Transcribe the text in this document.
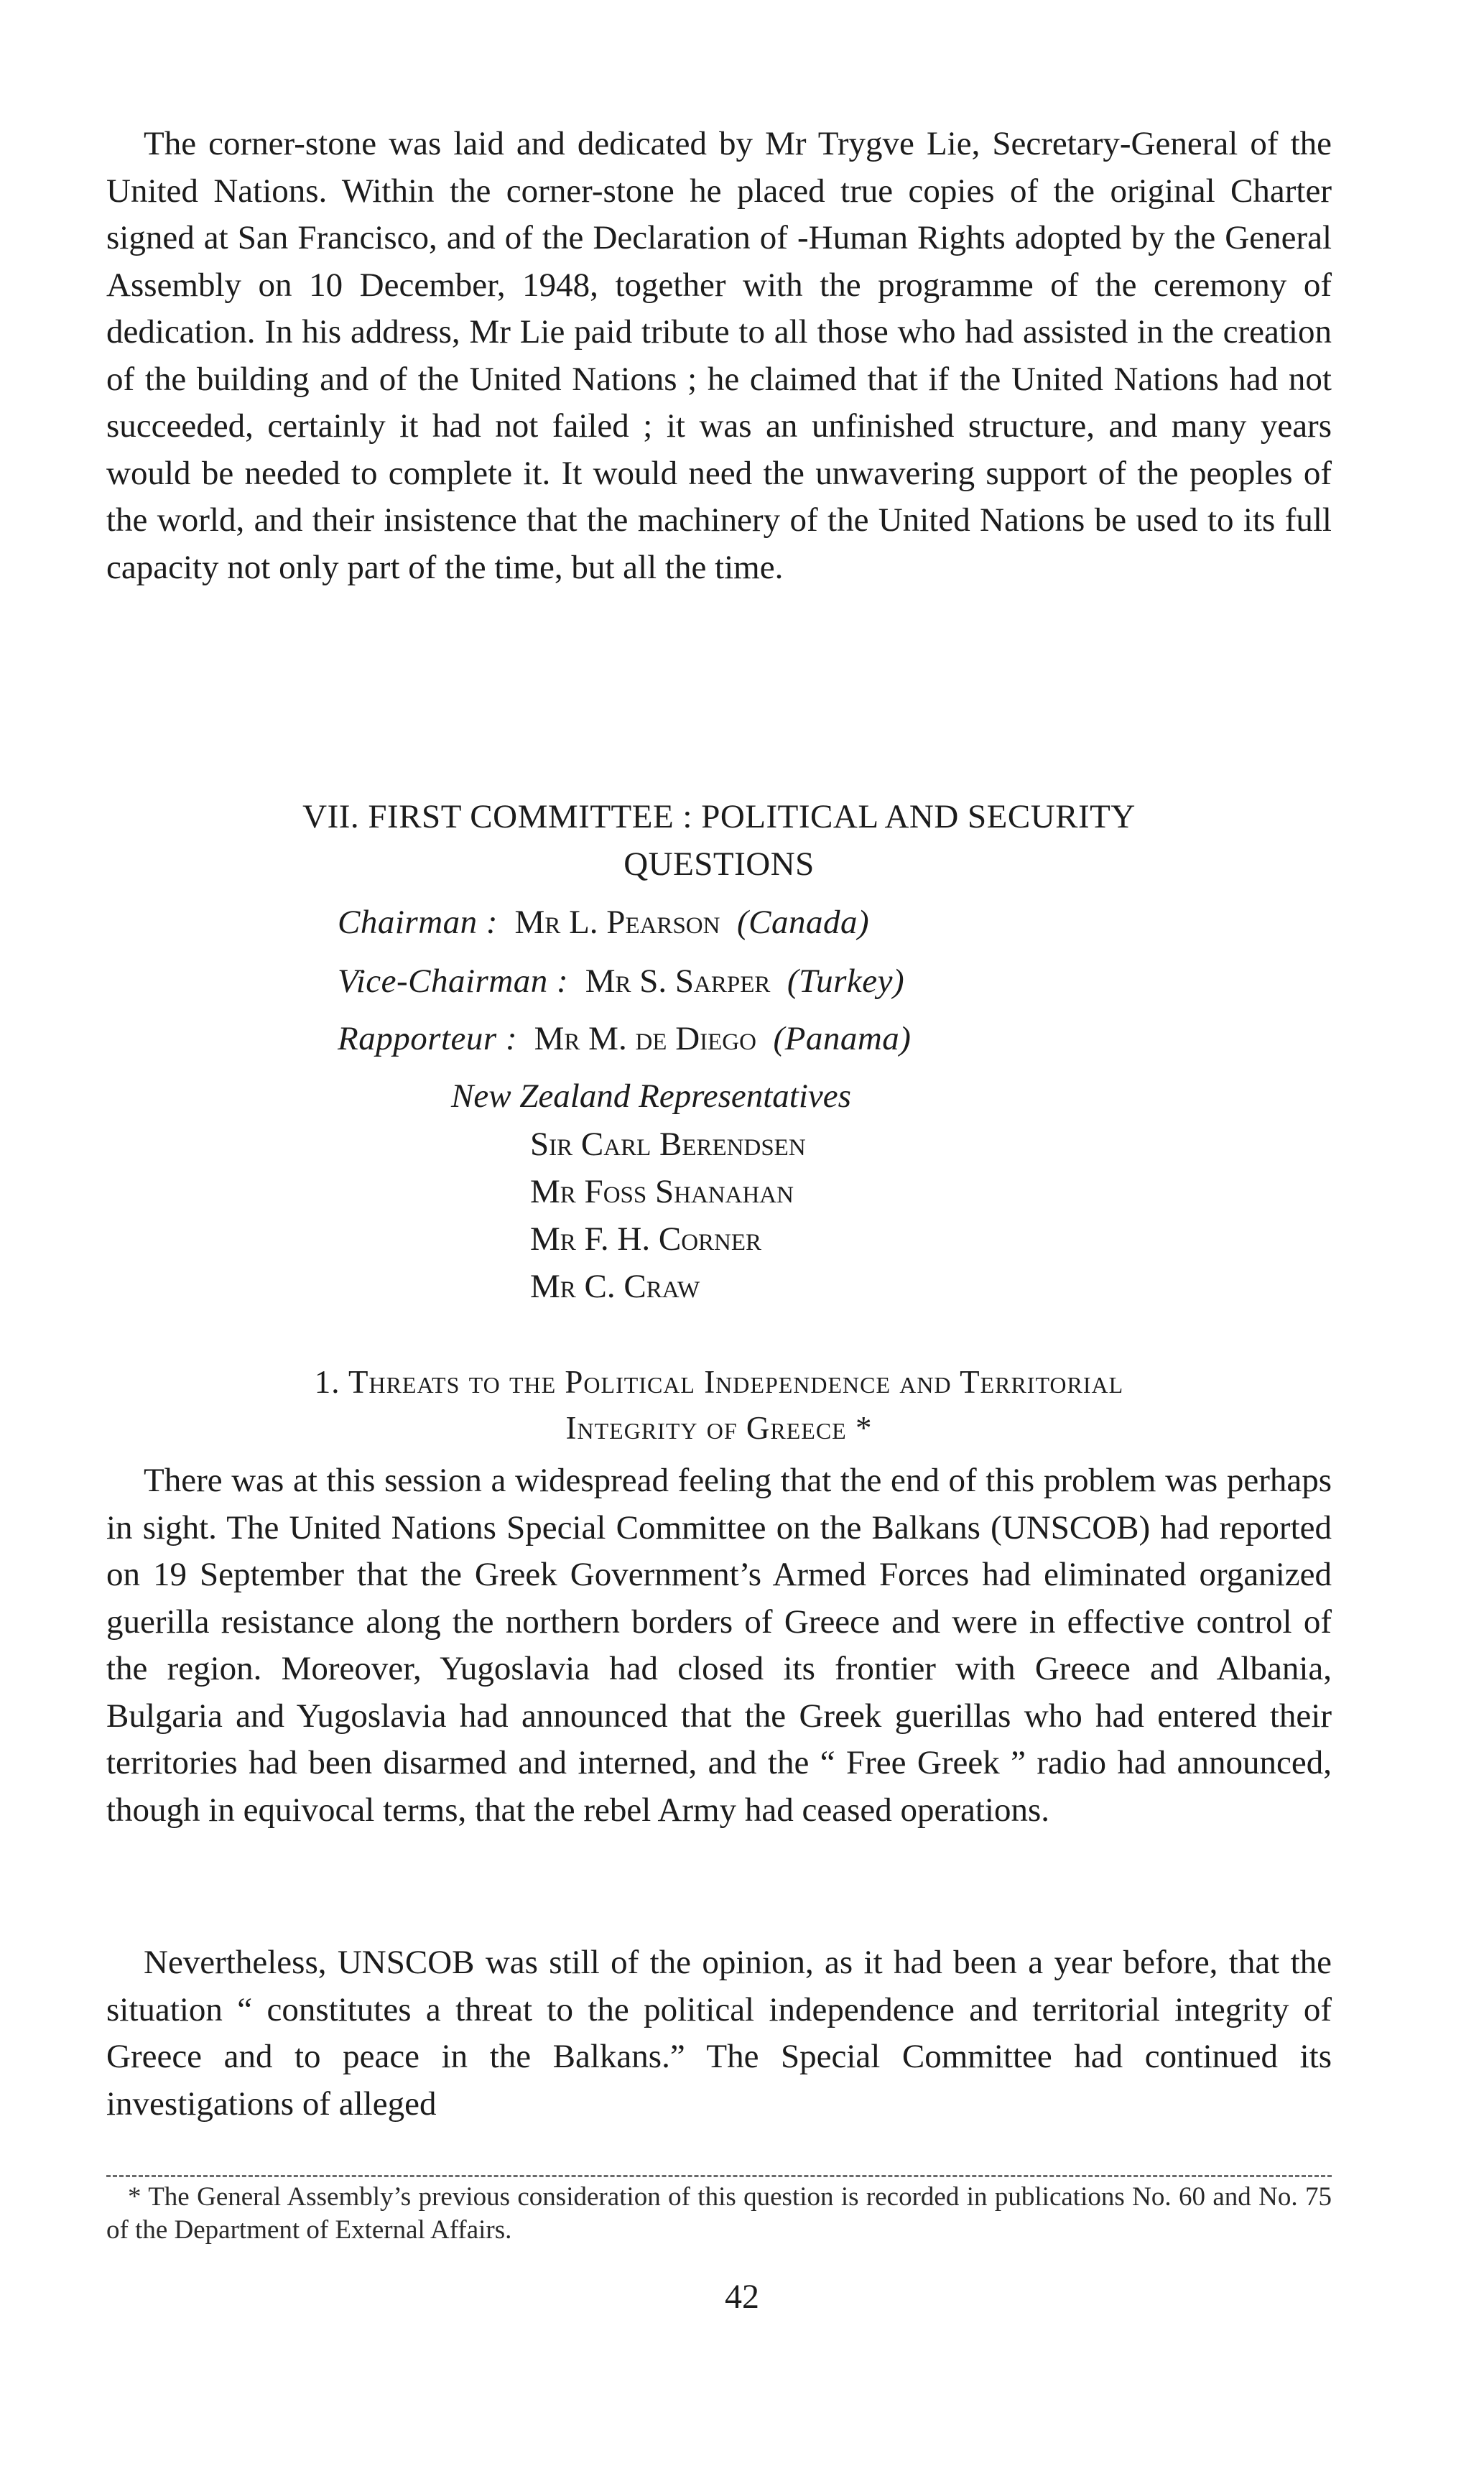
The corner-stone was laid and dedicated by Mr Trygve Lie, Secretary-General of the United Nations. Within the corner-stone he placed true copies of the original Charter signed at San Francisco, and of the Declaration of -Human Rights adopted by the General Assembly on 10 December, 1948, together with the programme of the ceremony of dedication. In his address, Mr Lie paid tribute to all those who had assisted in the creation of the building and of the United Nations ; he claimed that if the United Nations had not succeeded, certainly it had not failed ; it was an unfinished structure, and many years would be needed to complete it. It would need the unwavering support of the peoples of the world, and their insistence that the machinery of the United Nations be used to its full capacity not only part of the time, but all the time.
VII. FIRST COMMITTEE : POLITICAL AND SECURITY
QUESTIONS
Chairman : Mr L. Pearson (Canada)
Vice-Chairman : Mr S. Sarper (Turkey)
Rapporteur : Mr M. de Diego (Panama)
New Zealand Representatives
Sir Carl Berendsen
Mr Foss Shanahan
Mr F. H. Corner
Mr C. Craw
1. Threats to the Political Independence and Territorial
Integrity of Greece *
There was at this session a widespread feeling that the end of this problem was perhaps in sight. The United Nations Special Committee on the Balkans (UNSCOB) had reported on 19 September that the Greek Government’s Armed Forces had eliminated organized guerilla resistance along the northern borders of Greece and were in effective control of the region. Moreover, Yugoslavia had closed its frontier with Greece and Albania, Bulgaria and Yugoslavia had announced that the Greek guerillas who had entered their territories had been disarmed and interned, and the “ Free Greek ” radio had announced, though in equivocal terms, that the rebel Army had ceased operations.
Nevertheless, UNSCOB was still of the opinion, as it had been a year before, that the situation “ constitutes a threat to the political independence and territorial integrity of Greece and to peace in the Balkans.” The Special Committee had continued its investigations of alleged
* The General Assembly’s previous consideration of this question is recorded in publications No. 60 and No. 75 of the Department of External Affairs.
42
